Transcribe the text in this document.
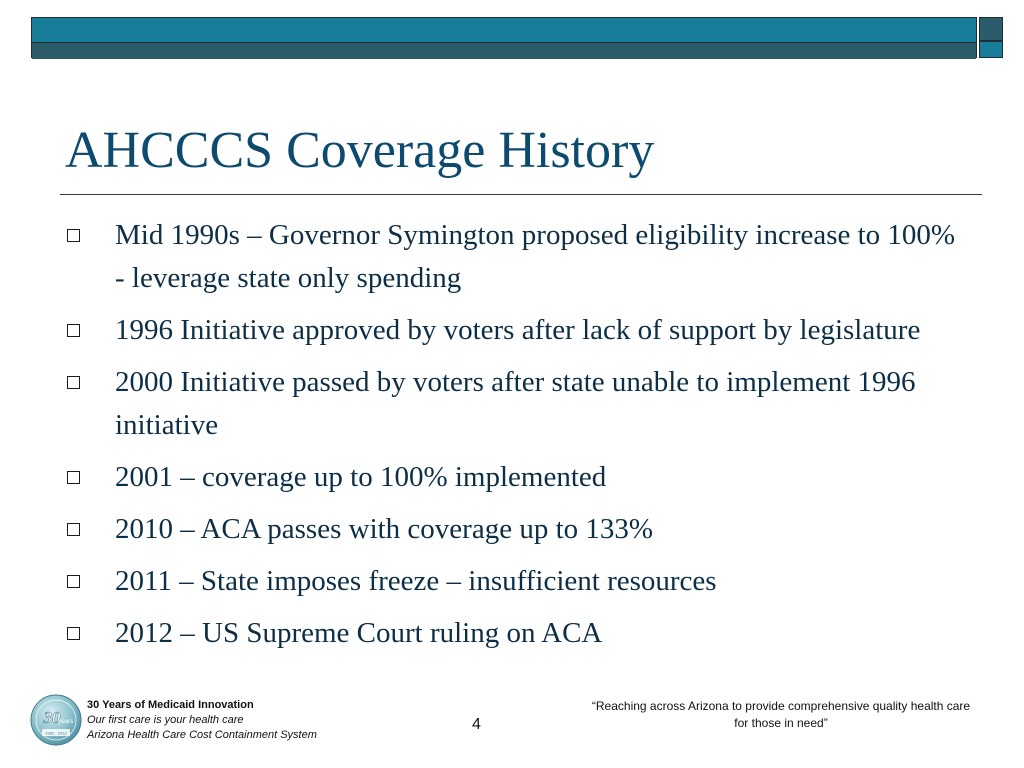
AHCCCS Coverage History
Mid 1990s – Governor Symington proposed eligibility increase to 100% - leverage state only spending
1996 Initiative approved by voters after lack of support by legislature
2000 Initiative passed by voters after state unable to implement 1996 initiative
2001 – coverage up to 100% implemented
2010 – ACA passes with coverage up to 133%
2011 – State imposes freeze – insufficient resources
2012 – US Supreme Court ruling on ACA
30
years
1982 - 2012
30 Years of Medicaid Innovation
Our first care is your health care
Arizona Health Care Cost Containment System
4
“Reaching across Arizona to provide comprehensive quality health care for those in need”
